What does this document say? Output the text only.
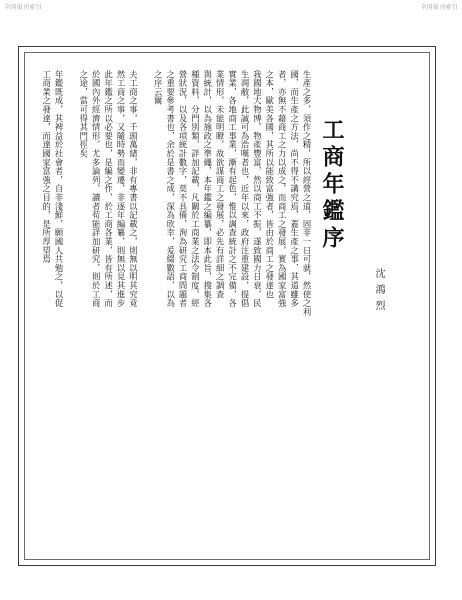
全国报刊索引	全国报刊索引
工商年鑑序
沈鴻烈
生產之多，須作之精，所以經營之道，固非一日可就，然使之利
國，而生產之方法，尚不得不講究焉，蓋生產之事，其道雖多
者，亦無不藉商工之力以成之，而商工之發展，實為國家富強
之本，歐美各國，其所以能致富強者，皆由於商工之發達也
我國地大物博，物產豐富，然以商工不振，遂致國力日衰，民
生凋敝，此誠可為浩嘆者也，近年以來，政府注重建設，提倡
實業，各地商工事業，漸有起色，惟以調查統計之不完備，各
業情形，未能明瞭，故欲謀商工之發展，必先有詳細之調查
與統計，以為施政之準繩，本年鑑之編纂，即本此旨，搜集各
種資料，分門別類，詳加記載，凡關於工商業之法令制度，經
營狀況，以及各項統計數字，莫不具備，洵為研究工商問題者
之重要參考書也，余於是書之成，深為欣幸，爰綴數語，以為
之序云爾
夫工商之事，千頭萬緒，非有專書以記載之，則無以明其究竟
然工商之事，又隨時勢而變遷，非逐年編纂，則無以見其進步
此年鑑之所以必要也，是編之作，於工商各業，皆有所述，而
於國內外經濟情形，尤多論列，讀者苟能詳加研究，則於工商
之途，當可得其門徑矣
年鑑既成，其裨益於社會者，自非淺鮮，願國人共勉之，以促
工商業之發達，而達國家富強之目的，是所厚望焉
